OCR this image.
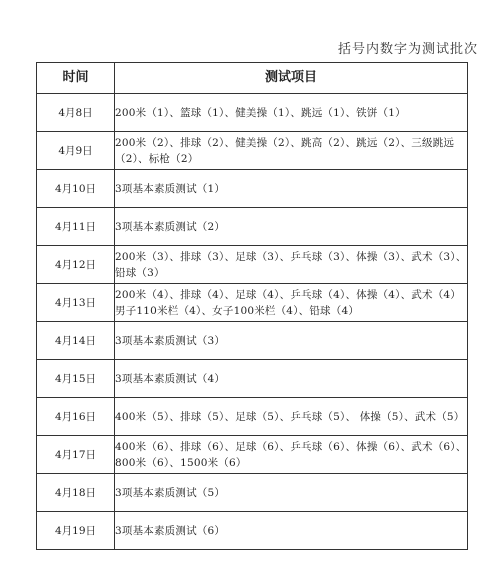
括号内数字为测试批次
时间	测试项目
4月8日	200米（1）、篮球（1）、健美操（1）、跳远（1）、铁饼（1）
4月9日	200米（2）、排球（2）、健美操（2）、跳高（2）、跳远（2）、三级跳远（2）、标枪（2）
4月10日	3项基本素质测试（1）
4月11日	3项基本素质测试（2）
4月12日	200米（3）、排球（3）、足球（3）、乒乓球（3）、体操（3）、武术（3）、铅球（3）
4月13日	200米（4）、排球（4）、足球（4）、乒乓球（4）、体操（4）、武术（4）男子110米栏（4）、女子100米栏（4）、铅球（4）
4月14日	3项基本素质测试（3）
4月15日	3项基本素质测试（4）
4月16日	400米（5）、排球（5）、足球（5）、乒乓球（5）、 体操（5）、武术（5）
4月17日	400米（6）、排球（6）、足球（6）、乒乓球（6）、体操（6）、武术（6）、800米（6）、1500米（6）
4月18日	3项基本素质测试（5）
4月19日	3项基本素质测试（6）
